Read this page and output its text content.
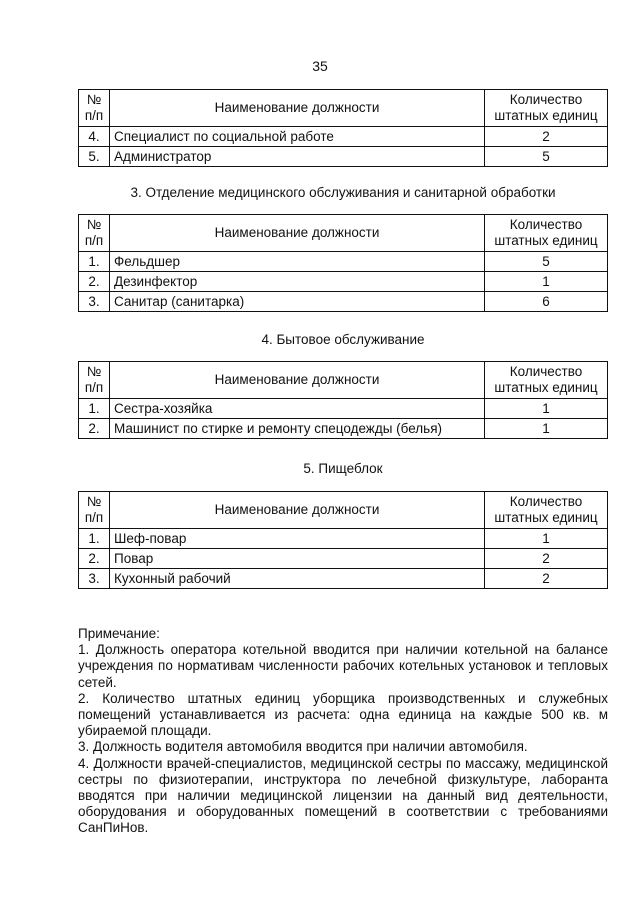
35
№ п/п	Наименование должности	Количество штатных единиц
4.	Специалист по социальной работе	2
5.	Администратор	5
3. Отделение медицинского обслуживания и санитарной обработки
№ п/п	Наименование должности	Количество штатных единиц
1.	Фельдшер	5
2.	Дезинфектор	1
3.	Санитар (санитарка)	6
4. Бытовое обслуживание
№ п/п	Наименование должности	Количество штатных единиц
1.	Сестра-хозяйка	1
2.	Машинист по стирке и ремонту спецодежды (белья)	1
5. Пищеблок
№ п/п	Наименование должности	Количество штатных единиц
1.	Шеф-повар	1
2.	Повар	2
3.	Кухонный рабочий	2

Примечание:

1. Должность оператора котельной вводится при наличии котельной на балансе учреждения по нормативам численности рабочих котельных установок и тепловых сетей.

2. Количество штатных единиц уборщика производственных и служебных помещений устанавливается из расчета: одна единица на каждые 500 кв. м убираемой площади.

3. Должность водителя автомобиля вводится при наличии автомобиля.

4. Должности врачей-специалистов, медицинской сестры по массажу, медицинской сестры по физиотерапии, инструктора по лечебной физкультуре, лаборанта вводятся при наличии медицинской лицензии на данный вид деятельности, оборудования и оборудованных помещений в соответствии с требованиями СанПиНов.
